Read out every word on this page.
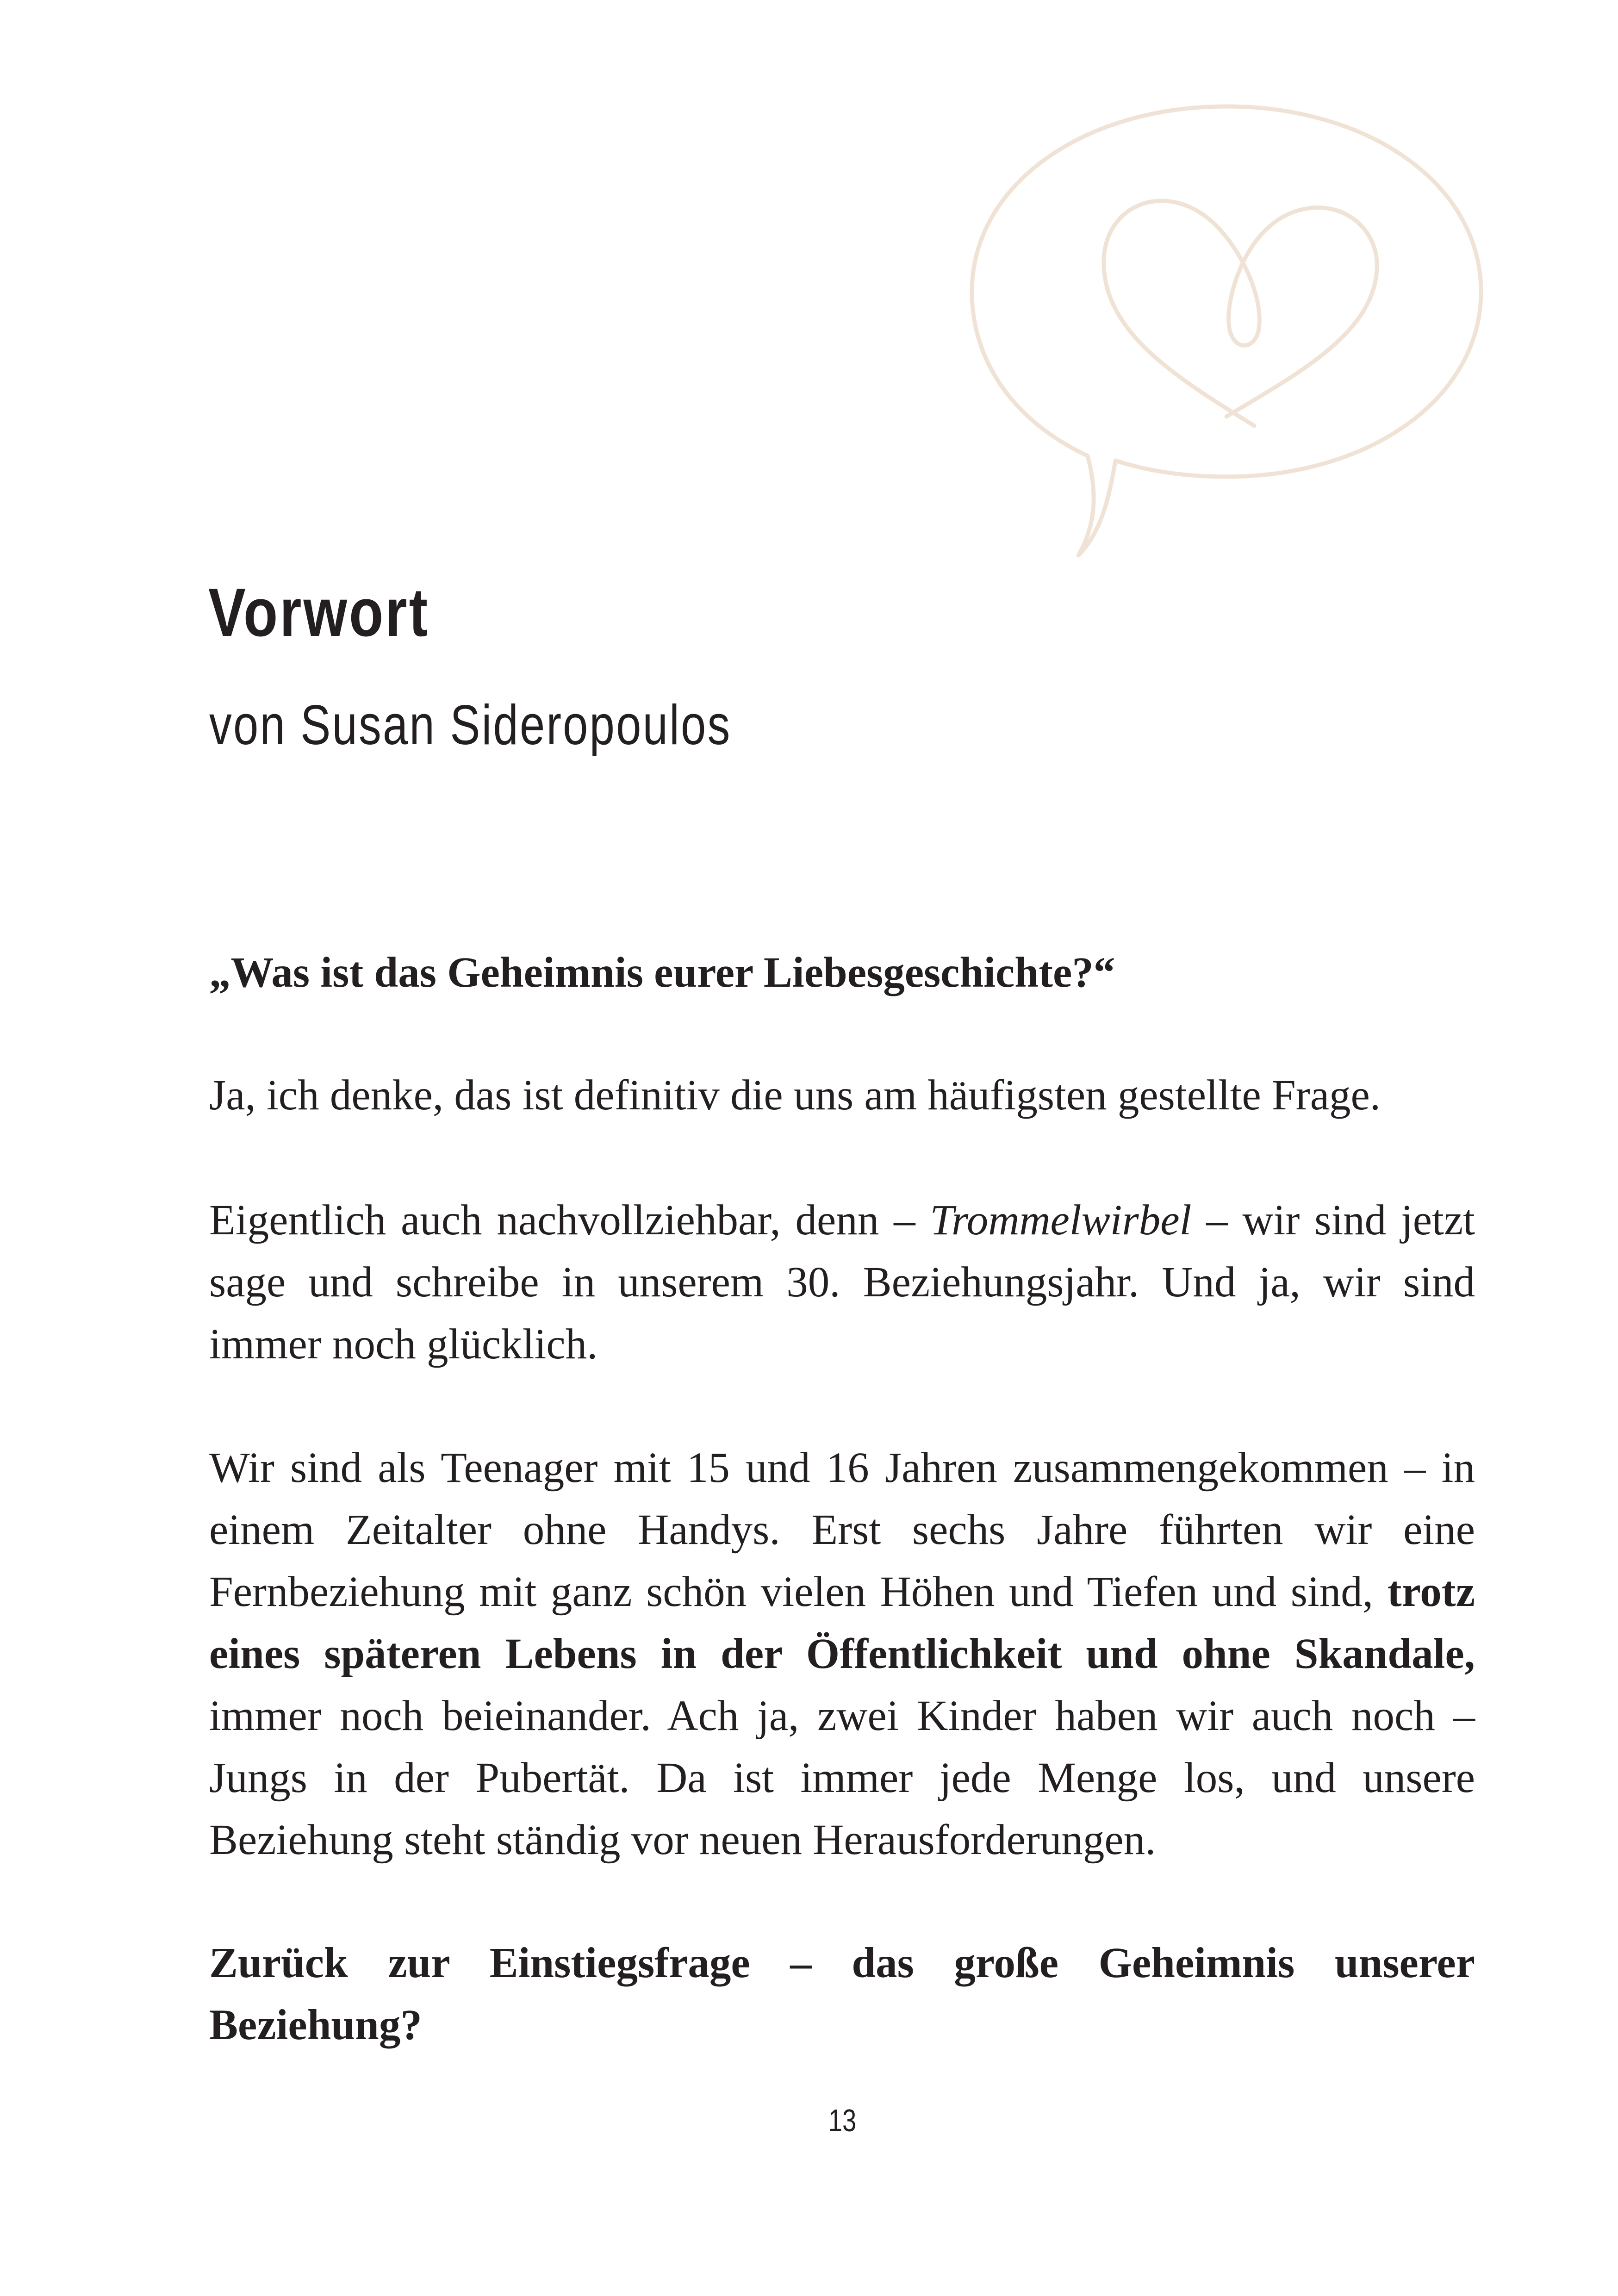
Vorwort
von Susan Sideropoulos

„Was ist das Geheimnis eurer Liebesgeschichte?“

Ja, ich denke, das ist definitiv die uns am häufigsten gestellte Frage.

Eigentlich auch nachvollziehbar, denn – Trommelwirbel – wir sind jetzt sage und schreibe in unserem 30. Beziehungsjahr. Und ja, wir sind immer noch glücklich.

Wir sind als Teenager mit 15 und 16 Jahren zusammengekommen – in einem Zeitalter ohne Handys. Erst sechs Jahre führten wir eine Fernbeziehung mit ganz schön vielen Höhen und Tiefen und sind, trotz eines späteren Lebens in der Öffentlichkeit und ohne Skandale, immer noch beieinander. Ach ja, zwei Kinder haben wir auch noch – Jungs in der Pubertät. Da ist immer jede Menge los, und unsere Beziehung steht ständig vor neuen Herausforderungen.

Zurück zur Einstiegsfrage – das große Geheimnis unserer Beziehung?

13
